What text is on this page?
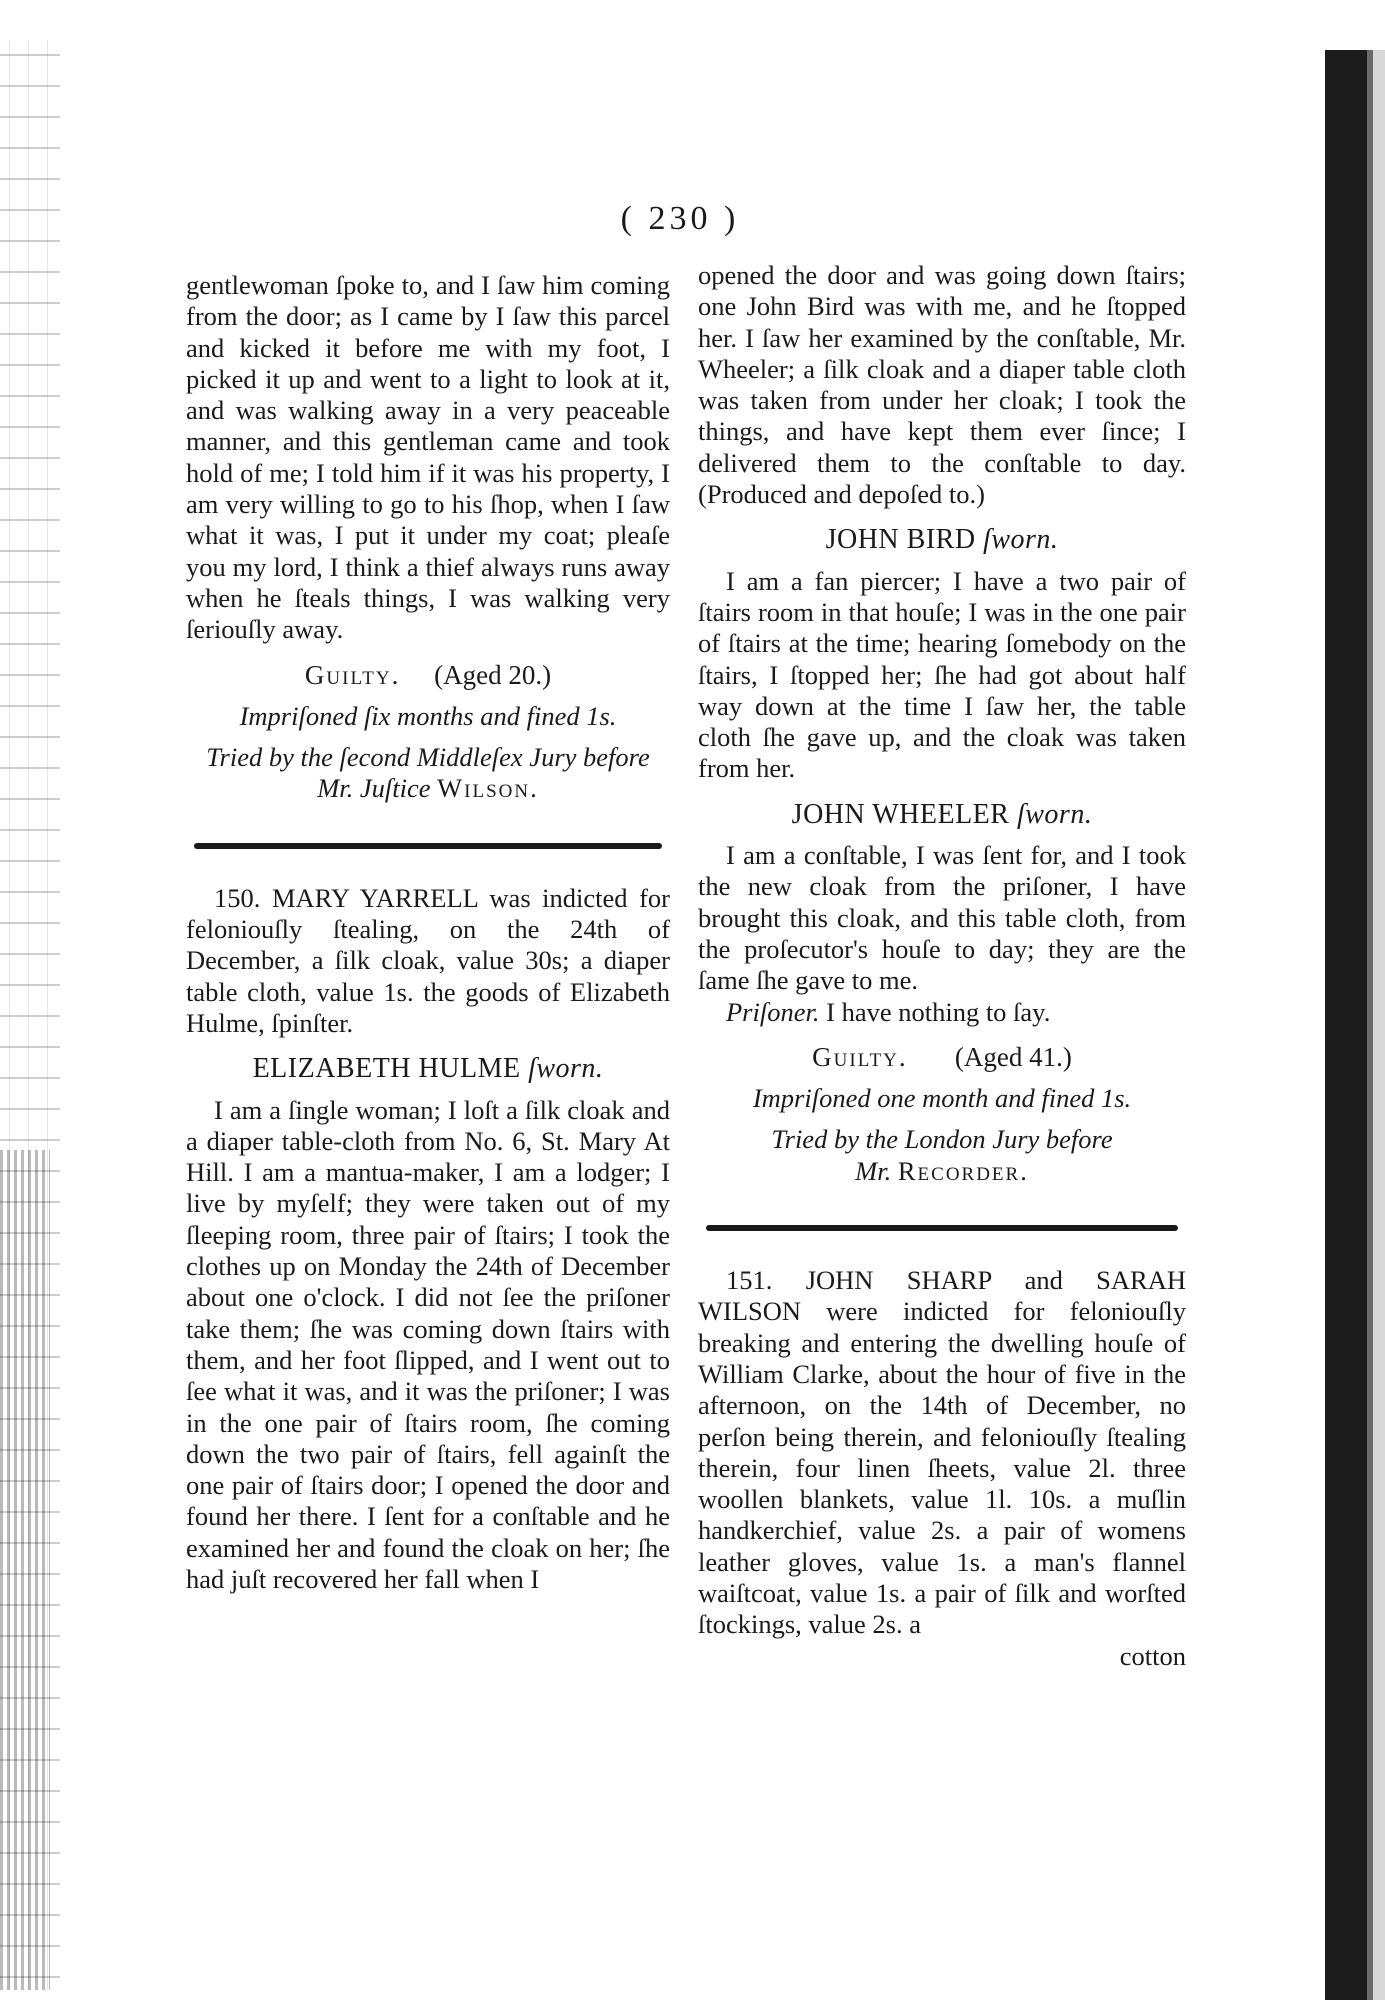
( 230 )

gentlewoman ſpoke to, and I ſaw him coming from the door; as I came by I ſaw this parcel and kicked it before me with my foot, I picked it up and went to a light to look at it, and was walking away in a very peaceable manner, and this gentleman came and took hold of me; I told him if it was his property, I am very willing to go to his ſhop, when I ſaw what it was, I put it under my coat; pleaſe you my lord, I think a thief always runs away when he ſteals things, I was walking very ſeriouſly away.

Guilty. (Aged 20.)

Impriſoned ſix months and fined 1s.

Tried by the ſecond Middleſex Jury before
Mr. Juſtice Wilson.

150. MARY YARRELL was indicted for feloniouſly ſtealing, on the 24th of December, a ſilk cloak, value 30s; a diaper table cloth, value 1s. the goods of Elizabeth Hulme, ſpinſter.

ELIZABETH HULME ſworn.

I am a ſingle woman; I loſt a ſilk cloak and a diaper table-cloth from No. 6, St. Mary At Hill. I am a mantua-maker, I am a lodger; I live by myſelf; they were taken out of my ſleeping room, three pair of ſtairs; I took the clothes up on Monday the 24th of December about one o'clock. I did not ſee the priſoner take them; ſhe was coming down ſtairs with them, and her foot ſlipped, and I went out to ſee what it was, and it was the priſoner; I was in the one pair of ſtairs room, ſhe coming down the two pair of ſtairs, fell againſt the one pair of ſtairs door; I opened the door and found her there. I ſent for a conſtable and he examined her and found the cloak on her; ſhe had juſt recovered her fall when I

opened the door and was going down ſtairs; one John Bird was with me, and he ſtopped her. I ſaw her examined by the conſtable, Mr. Wheeler; a ſilk cloak and a diaper table cloth was taken from under her cloak; I took the things, and have kept them ever ſince; I delivered them to the conſtable to day. (Produced and depoſed to.)

JOHN BIRD ſworn.

I am a fan piercer; I have a two pair of ſtairs room in that houſe; I was in the one pair of ſtairs at the time; hearing ſomebody on the ſtairs, I ſtopped her; ſhe had got about half way down at the time I ſaw her, the table cloth ſhe gave up, and the cloak was taken from her.

JOHN WHEELER ſworn.

I am a conſtable, I was ſent for, and I took the new cloak from the priſoner, I have brought this cloak, and this table cloth, from the proſecutor's houſe to day; they are the ſame ſhe gave to me.

Priſoner. I have nothing to ſay.

Guilty. (Aged 41.)

Impriſoned one month and fined 1s.

Tried by the London Jury before
Mr. Recorder.

151. JOHN SHARP and SARAH WILSON were indicted for feloniouſly breaking and entering the dwelling houſe of William Clarke, about the hour of five in the afternoon, on the 14th of December, no perſon being therein, and feloniouſly ſtealing therein, four linen ſheets, value 2l. three woollen blankets, value 1l. 10s. a muſlin handkerchief, value 2s. a pair of womens leather gloves, value 1s. a man's flannel waiſtcoat, value 1s. a pair of ſilk and worſted ſtockings, value 2s. a

cotton
